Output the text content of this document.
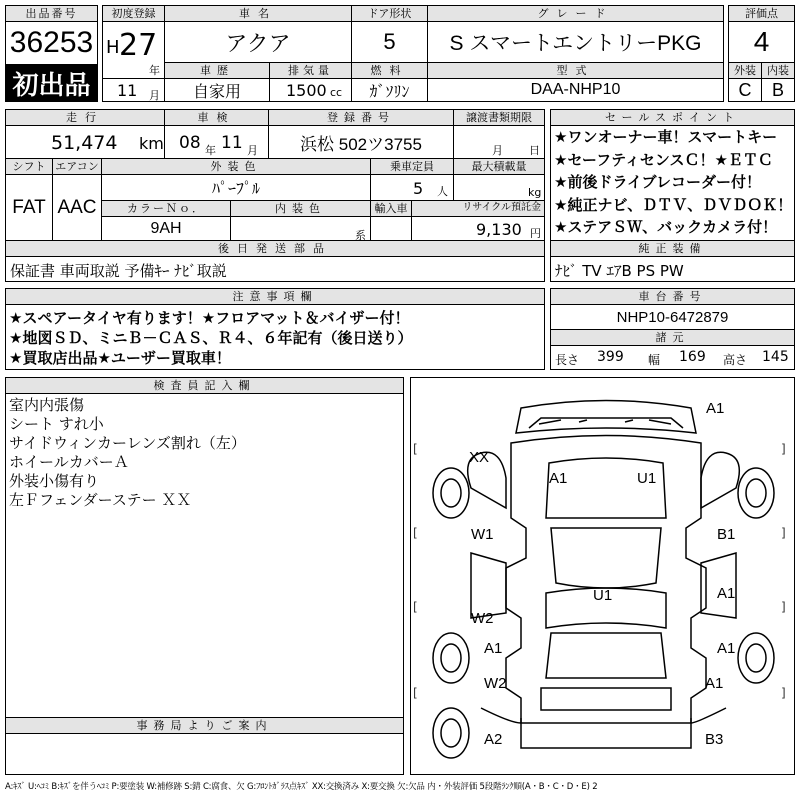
出品番号
36253
初出品
初度登録
H 27
年
11 月
車名
アクア
ドア形状
5
グレード
S スマートエントリーPKG
評価点
4
車歴
自家用
排気量
1500 cc
燃料
ｶﾞｿﾘﾝ
型式
DAA-NHP10
外装
C
内装
B
走行
51,474 km
車検
08 年 11 月
登録番号
浜松 502ツ3755
譲渡書類期限
月 日
シフト
FAT
エアコン
AAC
外装色
ﾊﾟｰﾌﾟﾙ
乗車定員
5 人
最大積載量
kg
カラーＮｏ．
9AH
内装色
系
輸入車	リサイクル預託金
9,130 円
後日発送部品
保証書 車両取説 予備ｷｰ ﾅﾋﾞ取説
セールスポイント
★ワンオーナー車！スマートキー
★セーフティセンスＣ！★ＥＴＣ
★前後ドライブレコーダー付！
★純正ナビ、ＤＴＶ、ＤＶＤＯＫ！
★ステアＳＷ、バックカメラ付！
純正装備
ﾅﾋﾞ TV ｴｱB PS PW
注意事項欄
★スペアータイヤ有ります！★フロアマット＆バイザー付！
★地図ＳＤ、ミニＢ－ＣＡＳ、Ｒ４、６年記有（後日送り）
★買取店出品★ユーザー買取車！
車台番号
NHP10-6472879
諸元
長さ 399 幅 169 高さ 145
検査員記入欄
室内内張傷
シート すれ小
サイドウィンカーレンズ割れ（左）
ホイールカバーＡ
外装小傷有り
左Ｆフェンダーステー ＸＸ
事務局よりご案内
[	]
[	]
[	]
[	]
A1
XX
A1	U1
W1	B1
W2
A1
U1
A1	A1
W2	A1
A2	B3
A:ｷｽﾞ U:ﾍｺﾐ B:ｷｽﾞを伴うﾍｺﾐ P:要塗装 W:補修跡 S:錆 C:腐食、欠 G:ﾌﾛﾝﾄｶﾞﾗｽ点ｷｽﾞ XX:交換済み X:要交換 欠:欠品 内・外装評価 5段階ﾗﾝｸ順(A・B・C・D・E) 2
